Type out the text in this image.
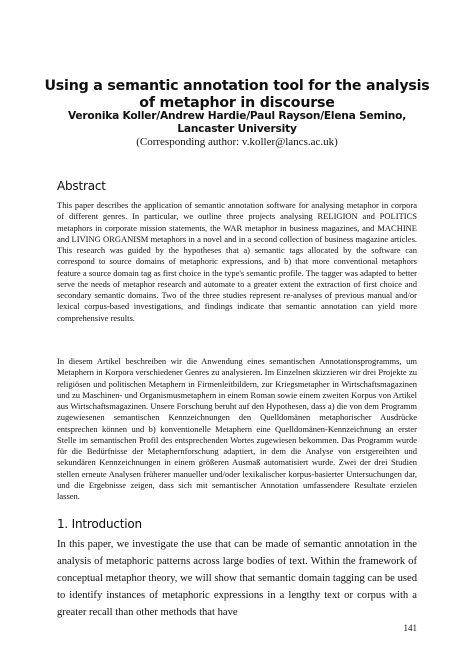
Using a semantic annotation tool for the analysis of metaphor in discourse
Veronika Koller/Andrew Hardie/Paul Rayson/Elena Semino, Lancaster University
(Corresponding author: v.koller@lancs.ac.uk)
Abstract

This paper describes the application of semantic annotation software for analysing metaphor in corpora of different genres. In particular, we outline three projects analysing RELIGION and POLITICS metaphors in corporate mission statements, the WAR metaphor in business magazines, and MACHINE and LIVING ORGANISM metaphors in a novel and in a second collection of business magazine articles. This research was guided by the hypotheses that a) semantic tags allocated by the software can correspond to source domains of metaphoric expressions, and b) that more conventional metaphors feature a source domain tag as first choice in the type's semantic profile. The tagger was adapted to better serve the needs of metaphor research and automate to a greater extent the extraction of first choice and secondary semantic domains. Two of the three studies represent re-analyses of previous manual and/or lexical corpus-based investigations, and findings indicate that semantic annotation can yield more comprehensive results.

In diesem Artikel beschreiben wir die Anwendung eines semantischen Annotationsprogramms, um Metaphern in Korpora verschiedener Genres zu analysieren. Im Einzelnen skizzieren wir drei Projekte zu religiösen und politischen Metaphern in Firmenleitbildern, zur Kriegsmetapher in Wirtschaftsmagazinen und zu Maschinen- und Organismusmetaphern in einem Roman sowie einem zweiten Korpus von Artikel aus Wirtschaftsmagazinen. Unsere Forschung beruht auf den Hypothesen, dass a) die von dem Programm zugewiesenen semantischen Kennzeichnungen den Quelldomänen metaphorischer Ausdrücke entsprechen können und b) konventionelle Metaphern eine Quelldomänen-Kennzeichnung an erster Stelle im semantischen Profil des entsprechenden Wortes zugewiesen bekommen. Das Programm wurde für die Bedürfnisse der Metaphernforschung adaptiert, in dem die Analyse von erstgereihten und sekundären Kennzeichnungen in einem größeren Ausmaß automatisiert wurde. Zwei der drei Studien stellen erneute Analysen früherer manueller und/oder lexikalischer korpus-basierter Untersuchungen dar, und die Ergebnisse zeigen, dass sich mit semantischer Annotation umfassendere Resultate erzielen lassen.

1. Introduction

In this paper, we investigate the use that can be made of semantic annotation in the analysis of metaphoric patterns across large bodies of text. Within the framework of conceptual metaphor theory, we will show that semantic domain tagging can be used to identify instances of metaphoric expressions in a lengthy text or corpus with a greater recall than other methods that have

141
